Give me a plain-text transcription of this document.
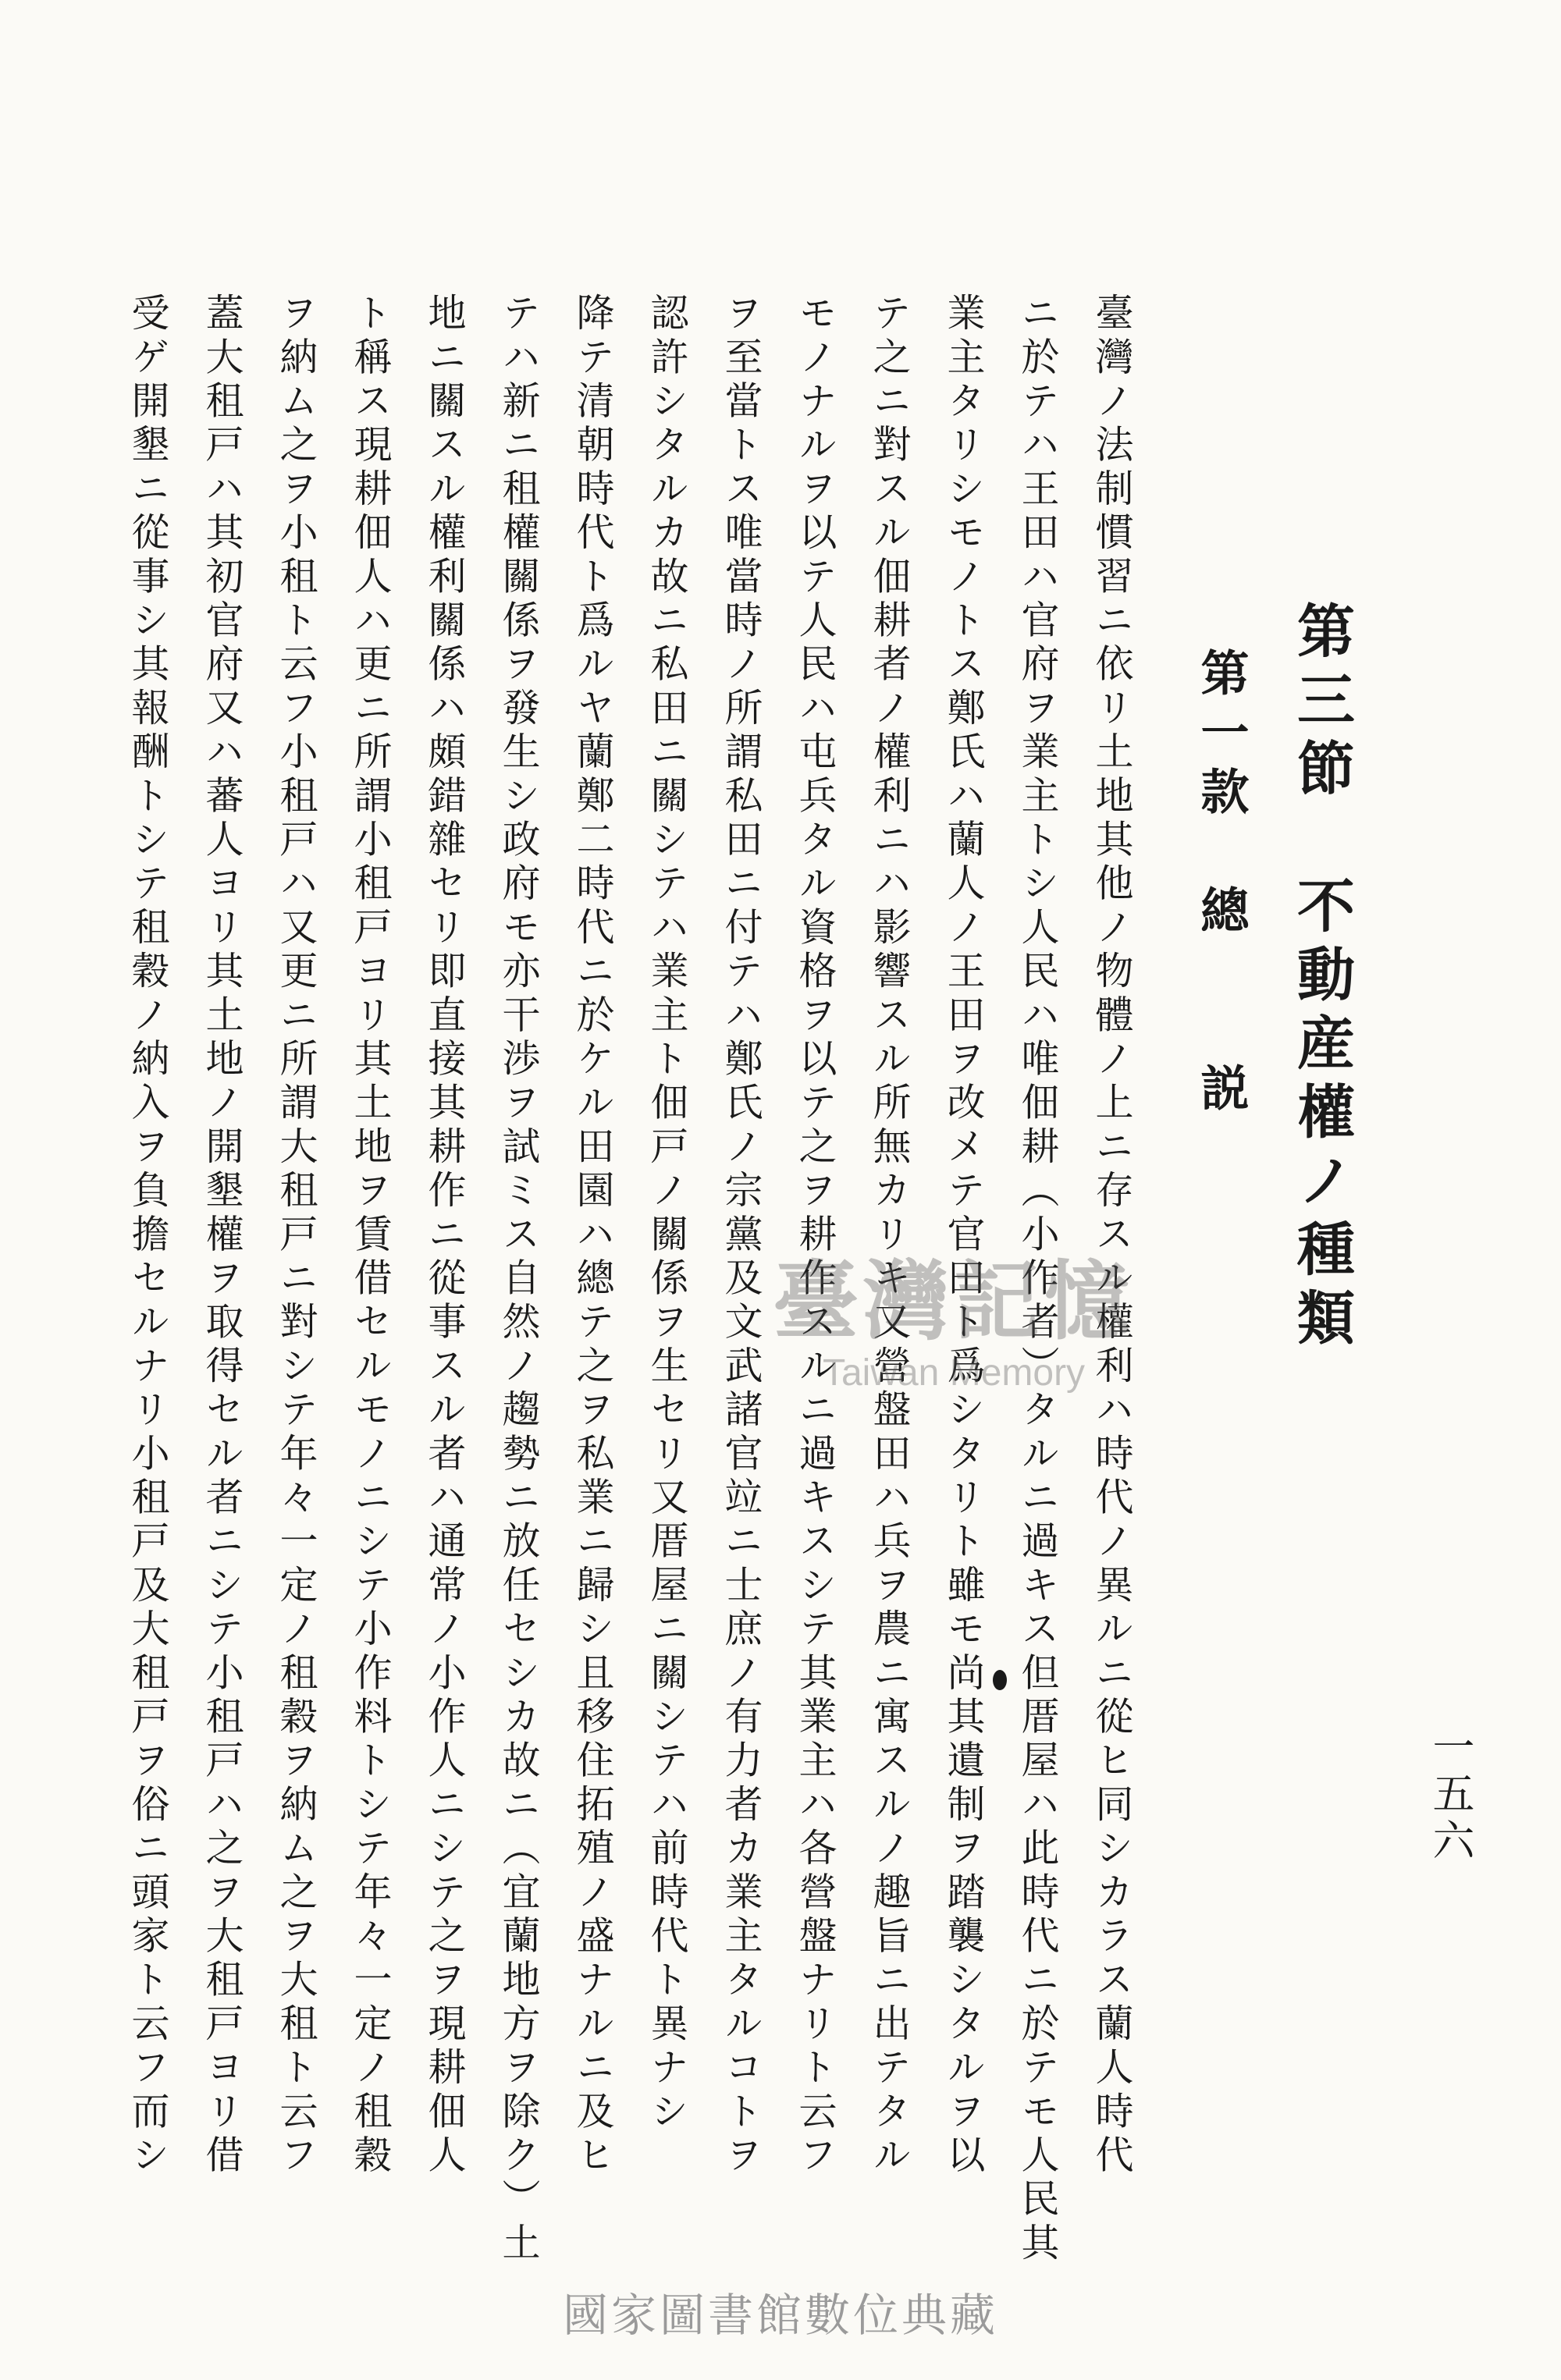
一五六
第三節　不動産權ノ種類
第一款　總　　説
臺灣ノ法制慣習ニ依リ土地其他ノ物體ノ上ニ存スル權利ハ時代ノ異ルニ從ヒ同シカラス蘭人時代
ニ於テハ王田ハ官府ヲ業主トシ人民ハ唯佃耕（小作者）タルニ過キス但厝屋ハ此時代ニ於テモ人民其
業主タリシモノトス鄭氏ハ蘭人ノ王田ヲ改メテ官田ト爲シタリト雖モ尚其遺制ヲ踏襲シタルヲ以
テ之ニ對スル佃耕者ノ權利ニハ影響スル所無カリキ又營盤田ハ兵ヲ農ニ寓スルノ趣旨ニ出テタル
モノナルヲ以テ人民ハ屯兵タル資格ヲ以テ之ヲ耕作スルニ過キスシテ其業主ハ各營盤ナリト云フ
ヲ至當トス唯當時ノ所謂私田ニ付テハ鄭氏ノ宗黨及文武諸官竝ニ士庶ノ有力者カ業主タルコトヲ
認許シタルカ故ニ私田ニ關シテハ業主ト佃戸ノ關係ヲ生セリ又厝屋ニ關シテハ前時代ト異ナシ
降テ清朝時代ト爲ルヤ蘭鄭二時代ニ於ケル田園ハ總テ之ヲ私業ニ歸シ且移住拓殖ノ盛ナルニ及ヒ
テハ新ニ租權關係ヲ發生シ政府モ亦干渉ヲ試ミス自然ノ趨勢ニ放任セシカ故ニ（宜蘭地方ヲ除ク）土
地ニ關スル權利關係ハ頗錯雜セリ即直接其耕作ニ從事スル者ハ通常ノ小作人ニシテ之ヲ現耕佃人
ト稱ス現耕佃人ハ更ニ所謂小租戸ヨリ其土地ヲ賃借セルモノニシテ小作料トシテ年々一定ノ租穀
ヲ納ム之ヲ小租ト云フ小租戸ハ又更ニ所謂大租戸ニ對シテ年々一定ノ租穀ヲ納ム之ヲ大租ト云フ
蓋大租戸ハ其初官府又ハ蕃人ヨリ其土地ノ開墾權ヲ取得セル者ニシテ小租戸ハ之ヲ大租戸ヨリ借
受ゲ開墾ニ從事シ其報酬トシテ租穀ノ納入ヲ負擔セルナリ小租戸及大租戸ヲ俗ニ頭家ト云フ而シ	臺灣記憶
Taiwan Memory
國家圖書館數位典藏
